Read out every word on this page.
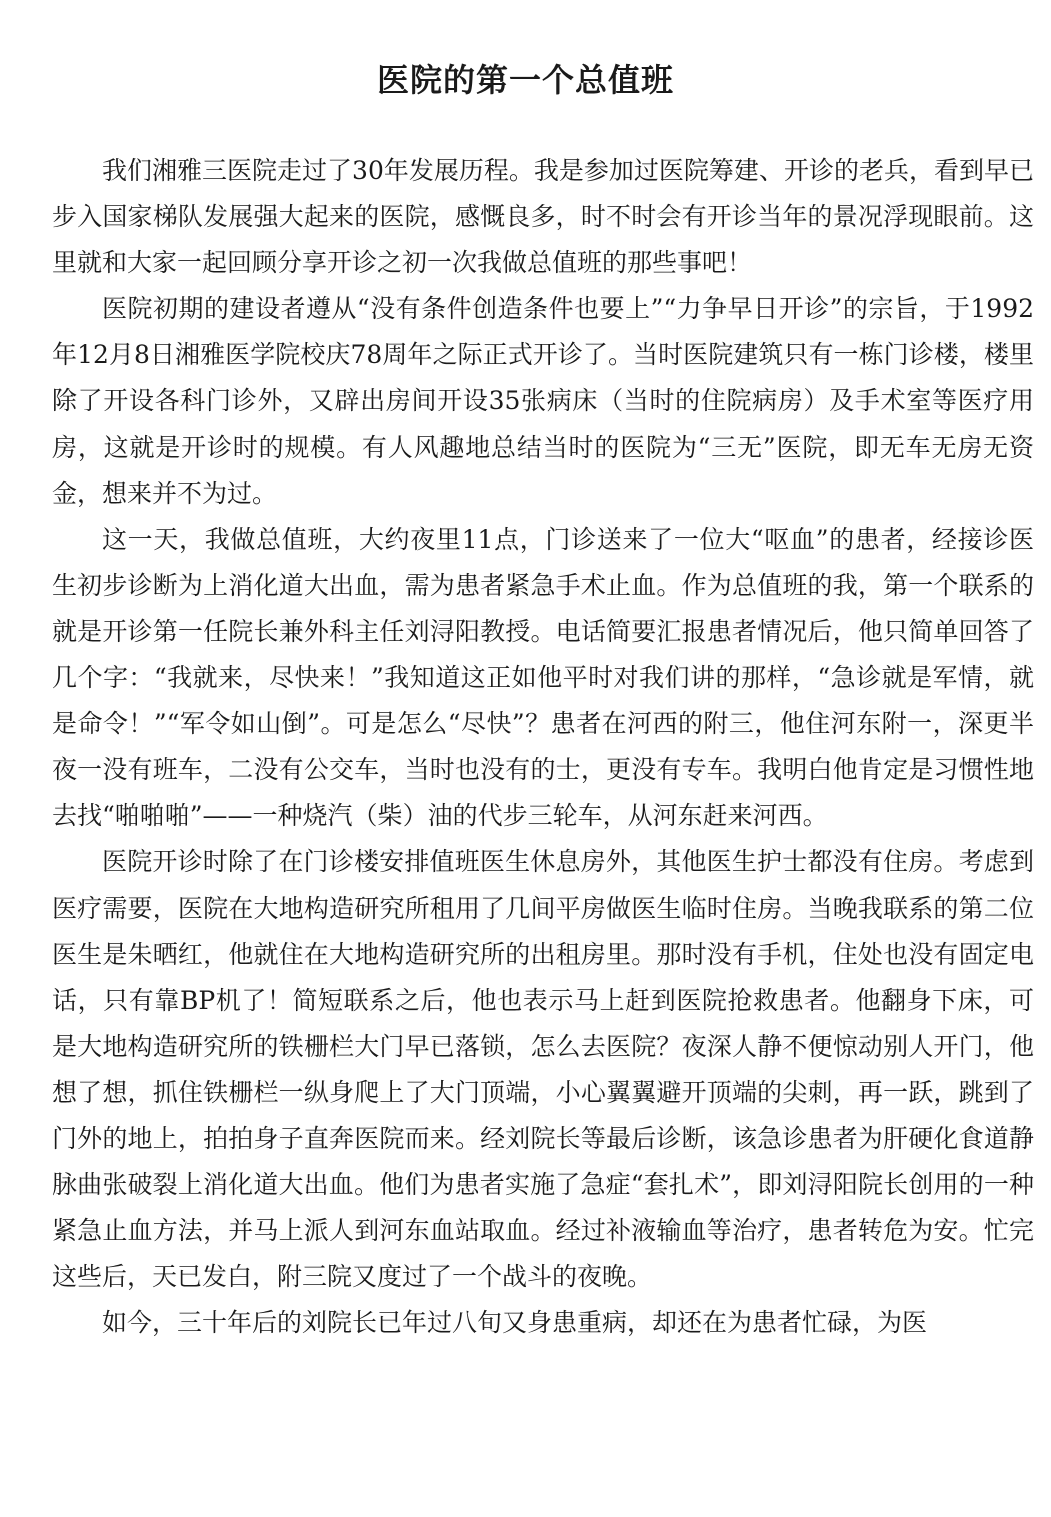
医院的第一个总值班

我们湘雅三医院走过了30年发展历程。我是参加过医院筹建、开诊的老兵，看到早已步入国家梯队发展强大起来的医院，感慨良多，时不时会有开诊当年的景况浮现眼前。这里就和大家一起回顾分享开诊之初一次我做总值班的那些事吧！

医院初期的建设者遵从“没有条件创造条件也要上”“力争早日开诊”的宗旨，于1992年12月8日湘雅医学院校庆78周年之际正式开诊了。当时医院建筑只有一栋门诊楼，楼里除了开设各科门诊外，又辟出房间开设35张病床（当时的住院病房）及手术室等医疗用房，这就是开诊时的规模。有人风趣地总结当时的医院为“三无”医院，即无车无房无资金，想来并不为过。

这一天，我做总值班，大约夜里11点，门诊送来了一位大“呕血”的患者，经接诊医生初步诊断为上消化道大出血，需为患者紧急手术止血。作为总值班的我，第一个联系的就是开诊第一任院长兼外科主任刘浔阳教授。电话简要汇报患者情况后，他只简单回答了几个字：“我就来，尽快来！”我知道这正如他平时对我们讲的那样，“急诊就是军情，就是命令！”“军令如山倒”。可是怎么“尽快”？患者在河西的附三，他住河东附一，深更半夜一没有班车，二没有公交车，当时也没有的士，更没有专车。我明白他肯定是习惯性地去找“啪啪啪”——一种烧汽（柴）油的代步三轮车，从河东赶来河西。

医院开诊时除了在门诊楼安排值班医生休息房外，其他医生护士都没有住房。考虑到医疗需要，医院在大地构造研究所租用了几间平房做医生临时住房。当晚我联系的第二位医生是朱晒红，他就住在大地构造研究所的出租房里。那时没有手机，住处也没有固定电话，只有靠BP机了！简短联系之后，他也表示马上赶到医院抢救患者。他翻身下床，可是大地构造研究所的铁栅栏大门早已落锁，怎么去医院？夜深人静不便惊动别人开门，他想了想，抓住铁栅栏一纵身爬上了大门顶端，小心翼翼避开顶端的尖刺，再一跃，跳到了门外的地上，拍拍身子直奔医院而来。经刘院长等最后诊断，该急诊患者为肝硬化食道静脉曲张破裂上消化道大出血。他们为患者实施了急症“套扎术”，即刘浔阳院长创用的一种紧急止血方法，并马上派人到河东血站取血。经过补液输血等治疗，患者转危为安。忙完这些后，天已发白，附三院又度过了一个战斗的夜晚。

如今，三十年后的刘院长已年过八旬又身患重病，却还在为患者忙碌，为医
